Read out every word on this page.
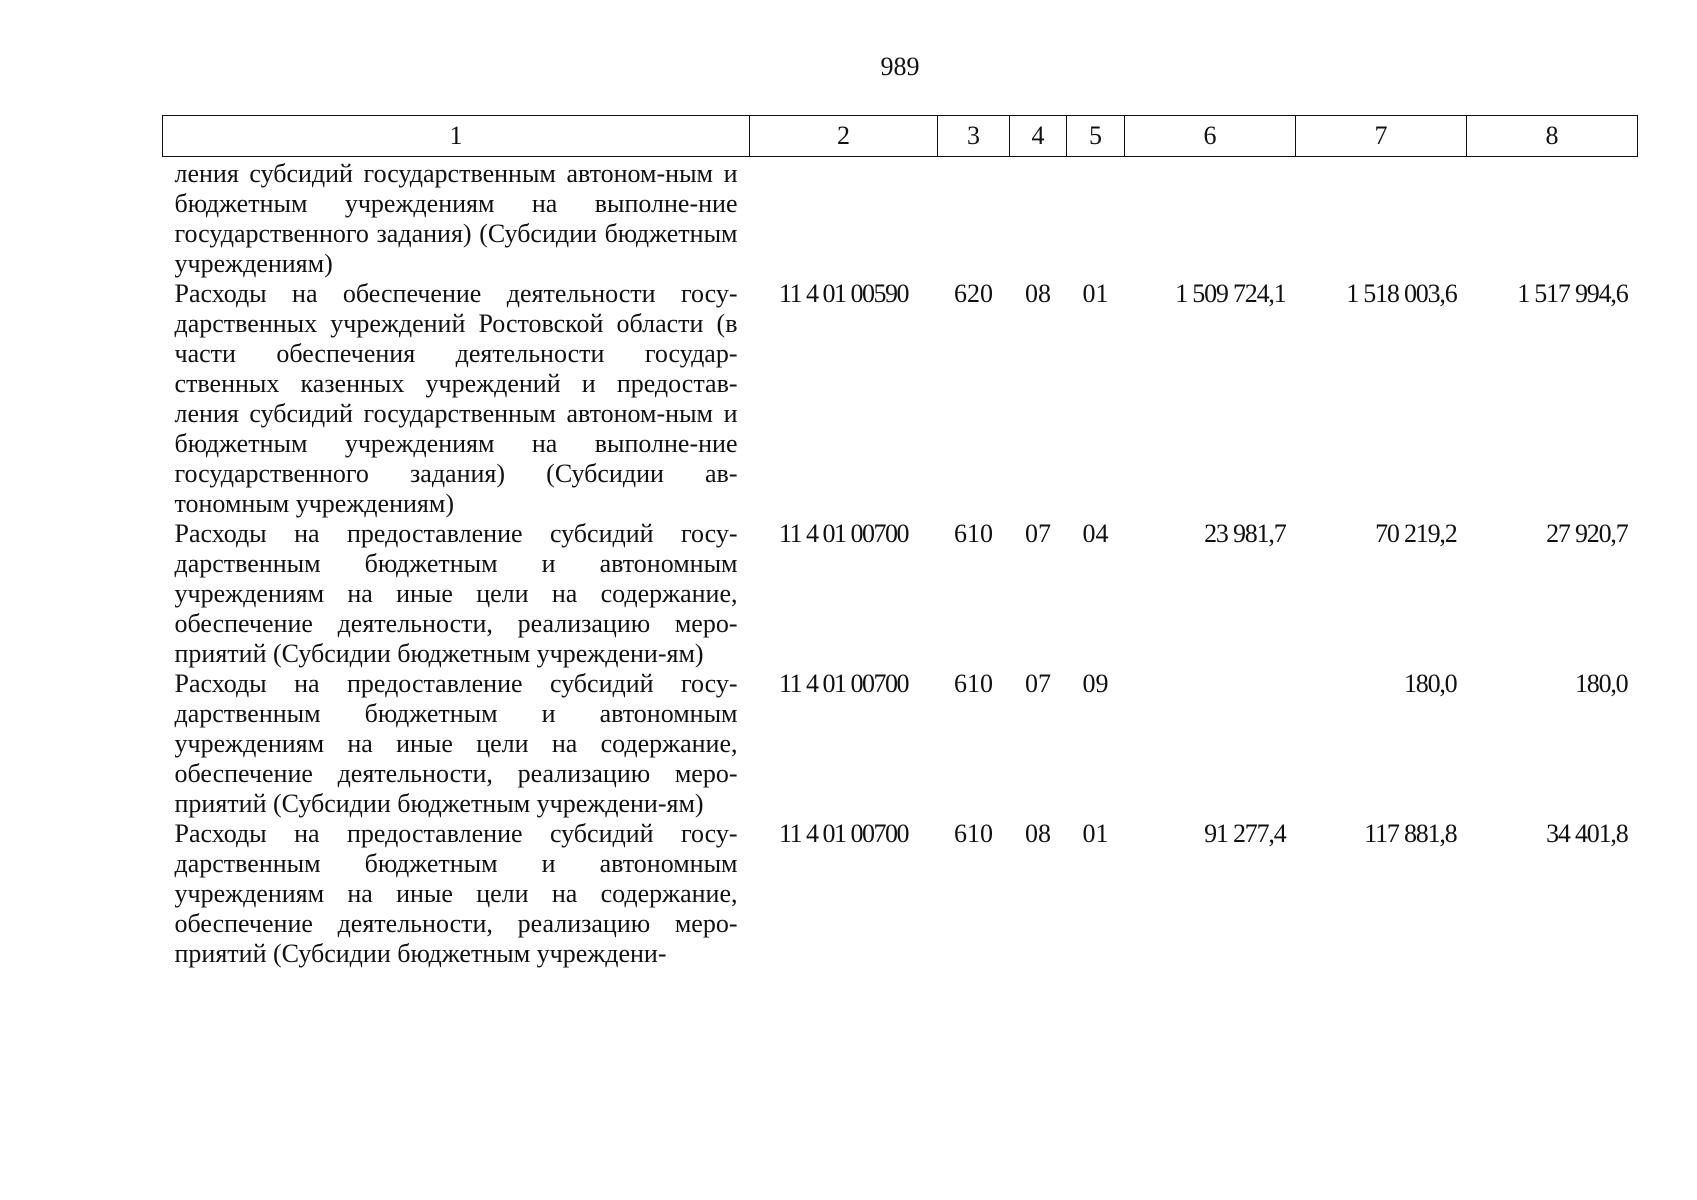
989
1	2	3	4	5	6	7	8
ления субсидий государственным автоном-ным и бюджетным учреждениям на выполне-ние государственного задания) (Субсидии бюджетным учреждениям)							
Расходы на обеспечение деятельности госу-дарственных учреждений Ростовской области (в части обеспечения деятельности государ-ственных казенных учреждений и предостав-ления субсидий государственным автоном-ным и бюджетным учреждениям на выполне-ние государственного задания) (Субсидии ав-тономным учреждениям)	11 4 01 00590	620	08	01	1 509 724,1	1 518 003,6	1 517 994,6
Расходы на предоставление субсидий госу-дарственным бюджетным и автономным учреждениям на иные цели на содержание, обеспечение деятельности, реализацию меро-приятий (Субсидии бюджетным учреждени-ям)	11 4 01 00700	610	07	04	23 981,7	70 219,2	27 920,7
Расходы на предоставление субсидий госу-дарственным бюджетным и автономным учреждениям на иные цели на содержание, обеспечение деятельности, реализацию меро-приятий (Субсидии бюджетным учреждени-ям)	11 4 01 00700	610	07	09		180,0	180,0
Расходы на предоставление субсидий госу-дарственным бюджетным и автономным учреждениям на иные цели на содержание, обеспечение деятельности, реализацию меро-приятий (Субсидии бюджетным учреждени-	11 4 01 00700	610	08	01	91 277,4	117 881,8	34 401,8
